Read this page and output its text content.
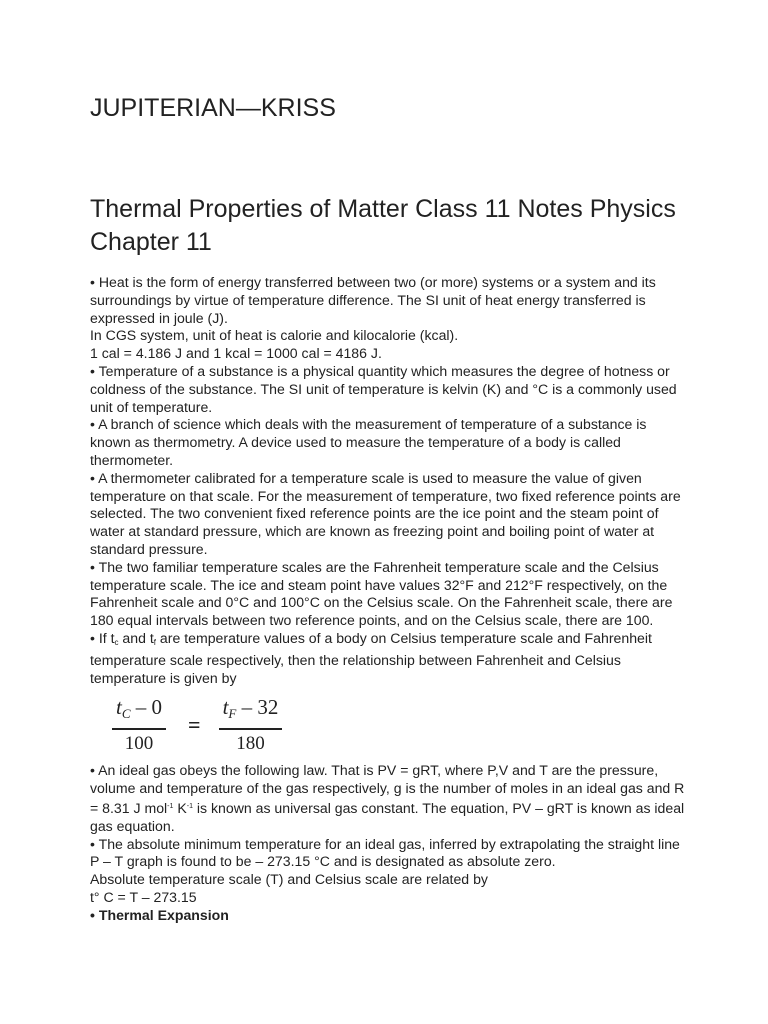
JUPITERIAN—KRISS
Thermal Properties of Matter Class 11 Notes Physics Chapter 11

• Heat is the form of energy transferred between two (or more) systems or a system and its surroundings by virtue of temperature difference. The SI unit of heat energy transferred is expressed in joule (J).

In CGS system, unit of heat is calorie and kilocalorie (kcal).

1 cal = 4.186 J and 1 kcal = 1000 cal = 4186 J.

• Temperature of a substance is a physical quantity which measures the degree of hotness or coldness of the substance. The SI unit of temperature is kelvin (K) and °C is a commonly used unit of temperature.

• A branch of science which deals with the measurement of temperature of a substance is known as thermometry. A device used to measure the temperature of a body is called thermometer.

• A thermometer calibrated for a temperature scale is used to measure the value of given temperature on that scale. For the measurement of temperature, two fixed reference points are selected. The two convenient fixed reference points are the ice point and the steam point of water at standard pressure, which are known as freezing point and boiling point of water at standard pressure.

• The two familiar temperature scales are the Fahrenheit temperature scale and the Celsius temperature scale. The ice and steam point have values 32°F and 212°F respectively, on the Fahrenheit scale and 0°C and 100°C on the Celsius scale. On the Fahrenheit scale, there are 180 equal intervals between two reference points, and on the Celsius scale, there are 100.

• If $t_c$ and $t_f$ are temperature values of a body on Celsius temperature scale and Fahrenheit temperature scale respectively, then the relationship between Fahrenheit and Celsius temperature is given by

$\frac{tC - 0}{100} = \frac{tF - 32}{180}$

• An ideal gas obeys the following law. That is PV = gRT, where P,V and T are the pressure, volume and temperature of the gas respectively, g is the number of moles in an ideal gas and R = 8.31 J mol$^{-1}$ $K^{-1}$ is known as universal gas constant. The equation, PV – gRT is known as ideal gas equation.

• The absolute minimum temperature for an ideal gas, inferred by extrapolating the straight line P – T graph is found to be – 273.15 °C and is designated as absolute zero.

Absolute temperature scale (T) and Celsius scale are related by

t° C = T – 273.15

• Thermal Expansion
